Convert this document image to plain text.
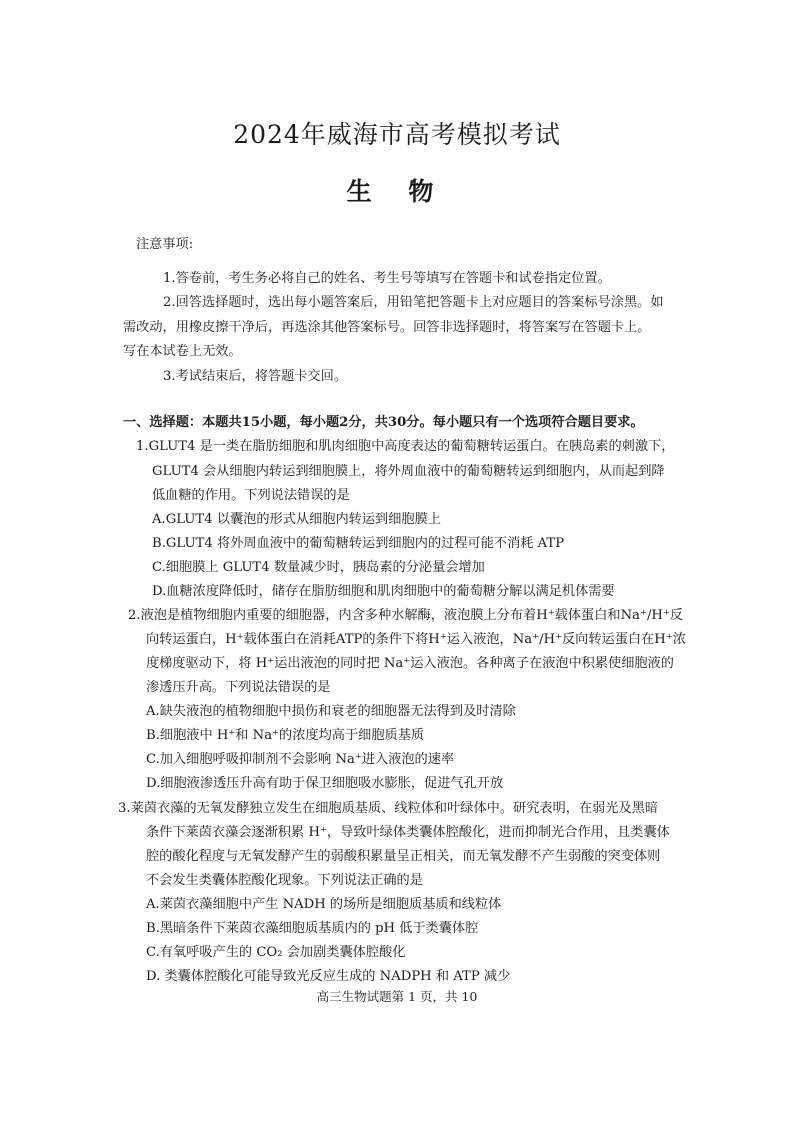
2024年威海市高考模拟考试
生 物
注意事项:
1.答卷前，考生务必将自己的姓名、考生号等填写在答题卡和试卷指定位置。
2.回答选择题时，选出每小题答案后，用铅笔把答题卡上对应题目的答案标号涂黑。如
需改动，用橡皮擦干净后，再选涂其他答案标号。回答非选择题时，将答案写在答题卡上。
写在本试卷上无效。
3.考试结束后，将答题卡交回。
一、选择题：本题共15小题，每小题2分，共30分。每小题只有一个选项符合题目要求。
1.GLUT4 是一类在脂肪细胞和肌肉细胞中高度表达的葡萄糖转运蛋白。在胰岛素的刺激下，
GLUT4 会从细胞内转运到细胞膜上，将外周血液中的葡萄糖转运到细胞内，从而起到降
低血糖的作用。下列说法错误的是
A.GLUT4 以囊泡的形式从细胞内转运到细胞膜上
B.GLUT4 将外周血液中的葡萄糖转运到细胞内的过程可能不消耗 ATP
C.细胞膜上 GLUT4 数量减少时，胰岛素的分泌量会增加
D.血糖浓度降低时，储存在脂肪细胞和肌肉细胞中的葡萄糖分解以满足机体需要
2.液泡是植物细胞内重要的细胞器，内含多种水解酶，液泡膜上分布着H⁺载体蛋白和Na⁺/H⁺反
向转运蛋白，H⁺载体蛋白在消耗ATP的条件下将H⁺运入液泡，Na⁺/H⁺反向转运蛋白在H⁺浓
度梯度驱动下，将 H⁺运出液泡的同时把 Na⁺运入液泡。各种离子在液泡中积累使细胞液的
渗透压升高。下列说法错误的是
A.缺失液泡的植物细胞中损伤和衰老的细胞器无法得到及时清除
B.细胞液中 H⁺和 Na⁺的浓度均高于细胞质基质
C.加入细胞呼吸抑制剂不会影响 Na⁺进入液泡的速率
D.细胞液渗透压升高有助于保卫细胞吸水膨胀，促进气孔开放
3.莱茵衣藻的无氧发酵独立发生在细胞质基质、线粒体和叶绿体中。研究表明，在弱光及黑暗
条件下莱茵衣藻会逐渐积累 H⁺，导致叶绿体类囊体腔酸化，进而抑制光合作用，且类囊体
腔的酸化程度与无氧发酵产生的弱酸积累量呈正相关，而无氧发酵不产生弱酸的突变体则
不会发生类囊体腔酸化现象。下列说法正确的是
A.莱茵衣藻细胞中产生 NADH 的场所是细胞质基质和线粒体
B.黑暗条件下莱茵衣藻细胞质基质内的 pH 低于类囊体腔
C.有氧呼吸产生的 CO₂ 会加剧类囊体腔酸化
D. 类囊体腔酸化可能导致光反应生成的 NADPH 和 ATP 减少
高三生物试题第 1 页，共 10
